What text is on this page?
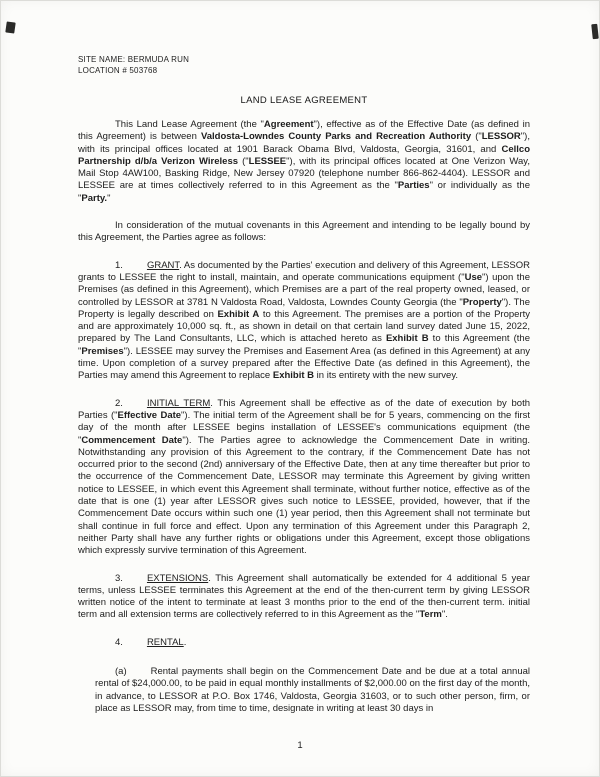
SITE NAME: BERMUDA RUN
LOCATION # 503768
LAND LEASE AGREEMENT

This Land Lease Agreement (the "Agreement"), effective as of the Effective Date (as defined in this Agreement) is between Valdosta-Lowndes County Parks and Recreation Authority ("LESSOR"), with its principal offices located at 1901 Barack Obama Blvd, Valdosta, Georgia, 31601, and Cellco Partnership d/b/a Verizon Wireless ("LESSEE"), with its principal offices located at One Verizon Way, Mail Stop 4AW100, Basking Ridge, New Jersey 07920 (telephone number 866-862-4404). LESSOR and LESSEE are at times collectively referred to in this Agreement as the "Parties" or individually as the "Party."

In consideration of the mutual covenants in this Agreement and intending to be legally bound by this Agreement, the Parties agree as follows:

1.	GRANT. As documented by the Parties' execution and delivery of this Agreement, LESSOR grants to LESSEE the right to install, maintain, and operate communications equipment ("Use") upon the Premises (as defined in this Agreement), which Premises are a part of the real property owned, leased, or controlled by LESSOR at 3781 N Valdosta Road, Valdosta, Lowndes County Georgia (the "Property"). The Property is legally described on Exhibit A to this Agreement. The premises are a portion of the Property and are approximately 10,000 sq. ft., as shown in detail on that certain land survey dated June 15, 2022, prepared by The Land Consultants, LLC, which is attached hereto as Exhibit B to this Agreement (the "Premises"). LESSEE may survey the Premises and Easement Area (as defined in this Agreement) at any time. Upon completion of a survey prepared after the Effective Date (as defined in this Agreement), the Parties may amend this Agreement to replace Exhibit B in its entirety with the new survey.

2.	INITIAL TERM. This Agreement shall be effective as of the date of execution by both Parties ("Effective Date"). The initial term of the Agreement shall be for 5 years, commencing on the first day of the month after LESSEE begins installation of LESSEE's communications equipment (the "Commencement Date"). The Parties agree to acknowledge the Commencement Date in writing. Notwithstanding any provision of this Agreement to the contrary, if the Commencement Date has not occurred prior to the second (2nd) anniversary of the Effective Date, then at any time thereafter but prior to the occurrence of the Commencement Date, LESSOR may terminate this Agreement by giving written notice to LESSEE, in which event this Agreement shall terminate, without further notice, effective as of the date that is one (1) year after LESSOR gives such notice to LESSEE, provided, however, that if the Commencement Date occurs within such one (1) year period, then this Agreement shall not terminate but shall continue in full force and effect. Upon any termination of this Agreement under this Paragraph 2, neither Party shall have any further rights or obligations under this Agreement, except those obligations which expressly survive termination of this Agreement.

3.	EXTENSIONS. This Agreement shall automatically be extended for 4 additional 5 year terms, unless LESSEE terminates this Agreement at the end of the then-current term by giving LESSOR written notice of the intent to terminate at least 3 months prior to the end of the then-current term. initial term and all extension terms are collectively referred to in this Agreement as the "Term".

4.	RENTAL.

(a)	Rental payments shall begin on the Commencement Date and be due at a total annual rental of $24,000.00, to be paid in equal monthly installments of $2,000.00 on the first day of the month, in advance, to LESSOR at P.O. Box 1746, Valdosta, Georgia 31603, or to such other person, firm, or place as LESSOR may, from time to time, designate in writing at least 30 days in

1
